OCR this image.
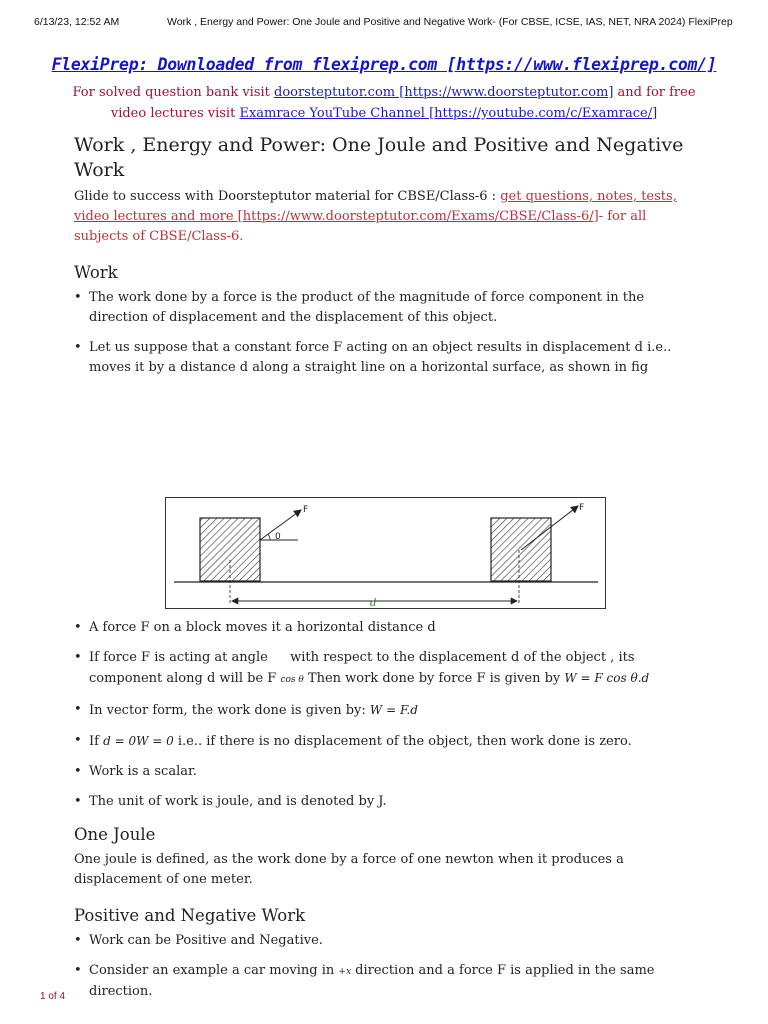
6/13/23, 12:52 AM	Work , Energy and Power: One Joule and Positive and Negative Work- (For CBSE, ICSE, IAS, NET, NRA 2024) FlexiPrep
FlexiPrep: Downloaded from flexiprep.com [https://www.flexiprep.com/]
For solved question bank visit doorsteptutor.com [https://www.doorsteptutor.com] and for free video lectures visit Examrace YouTube Channel [https://youtube.com/c/Examrace/]
Work , Energy and Power: One Joule and Positive and Negative Work
Glide to success with Doorsteptutor material for CBSE/Class-6 : get questions, notes, tests, video lectures and more [https://www.doorsteptutor.com/Exams/CBSE/Class-6/]- for all subjects of CBSE/Class-6.
Work
• The work done by a force is the product of the magnitude of force component in the direction of displacement and the displacement of this object.
• Let us suppose that a constant force F acting on an object results in displacement d i.e.. moves it by a distance d along a straight line on a horizontal surface, as shown in fig
F
0
F
d
• A force F on a block moves it a horizontal distance d
• If force F is acting at angle  with respect to the displacement d of the object , its component along d will be F cos θ Then work done by force F is given by W = F cos θ.d
• In vector form, the work done is given by: W = F.d
• If d = 0W = 0 i.e.. if there is no displacement of the object, then work done is zero.
• Work is a scalar.
• The unit of work is joule, and is denoted by J.
One Joule
One joule is defined, as the work done by a force of one newton when it produces a displacement of one meter.
Positive and Negative Work
• Work can be Positive and Negative.
• Consider an example a car moving in +x direction and a force F is applied in the same direction.
1 of 4
